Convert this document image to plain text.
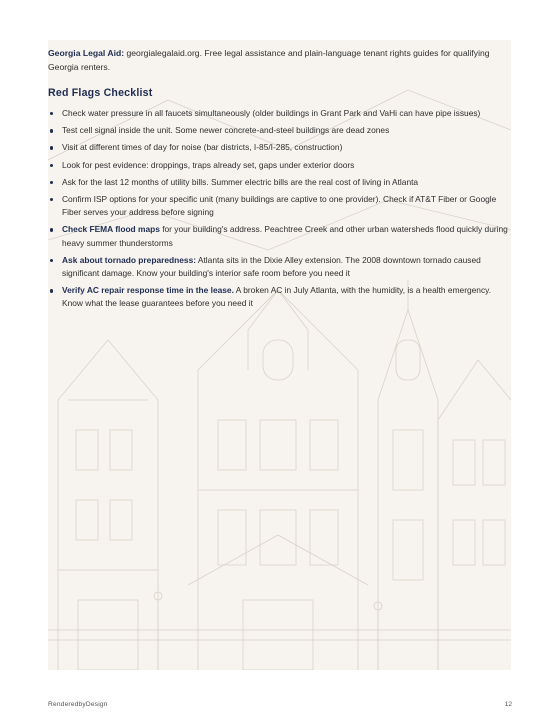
Georgia Legal Aid: georgialegalaid.org. Free legal assistance and plain-language tenant rights guides for qualifying Georgia renters.

Red Flags Checklist
Check water pressure in all faucets simultaneously (older buildings in Grant Park and VaHi can have pipe issues)
Test cell signal inside the unit. Some newer concrete-and-steel buildings are dead zones
Visit at different times of day for noise (bar districts, I-85/I-285, construction)
Look for pest evidence: droppings, traps already set, gaps under exterior doors
Ask for the last 12 months of utility bills. Summer electric bills are the real cost of living in Atlanta
Confirm ISP options for your specific unit (many buildings are captive to one provider). Check if AT&T Fiber or Google Fiber serves your address before signing
Check FEMA flood maps for your building's address. Peachtree Creek and other urban watersheds flood quickly during heavy summer thunderstorms
Ask about tornado preparedness: Atlanta sits in the Dixie Alley extension. The 2008 downtown tornado caused significant damage. Know your building's interior safe room before you need it
Verify AC repair response time in the lease. A broken AC in July Atlanta, with the humidity, is a health emergency. Know what the lease guarantees before you need it
RenderedbyDesign	12
